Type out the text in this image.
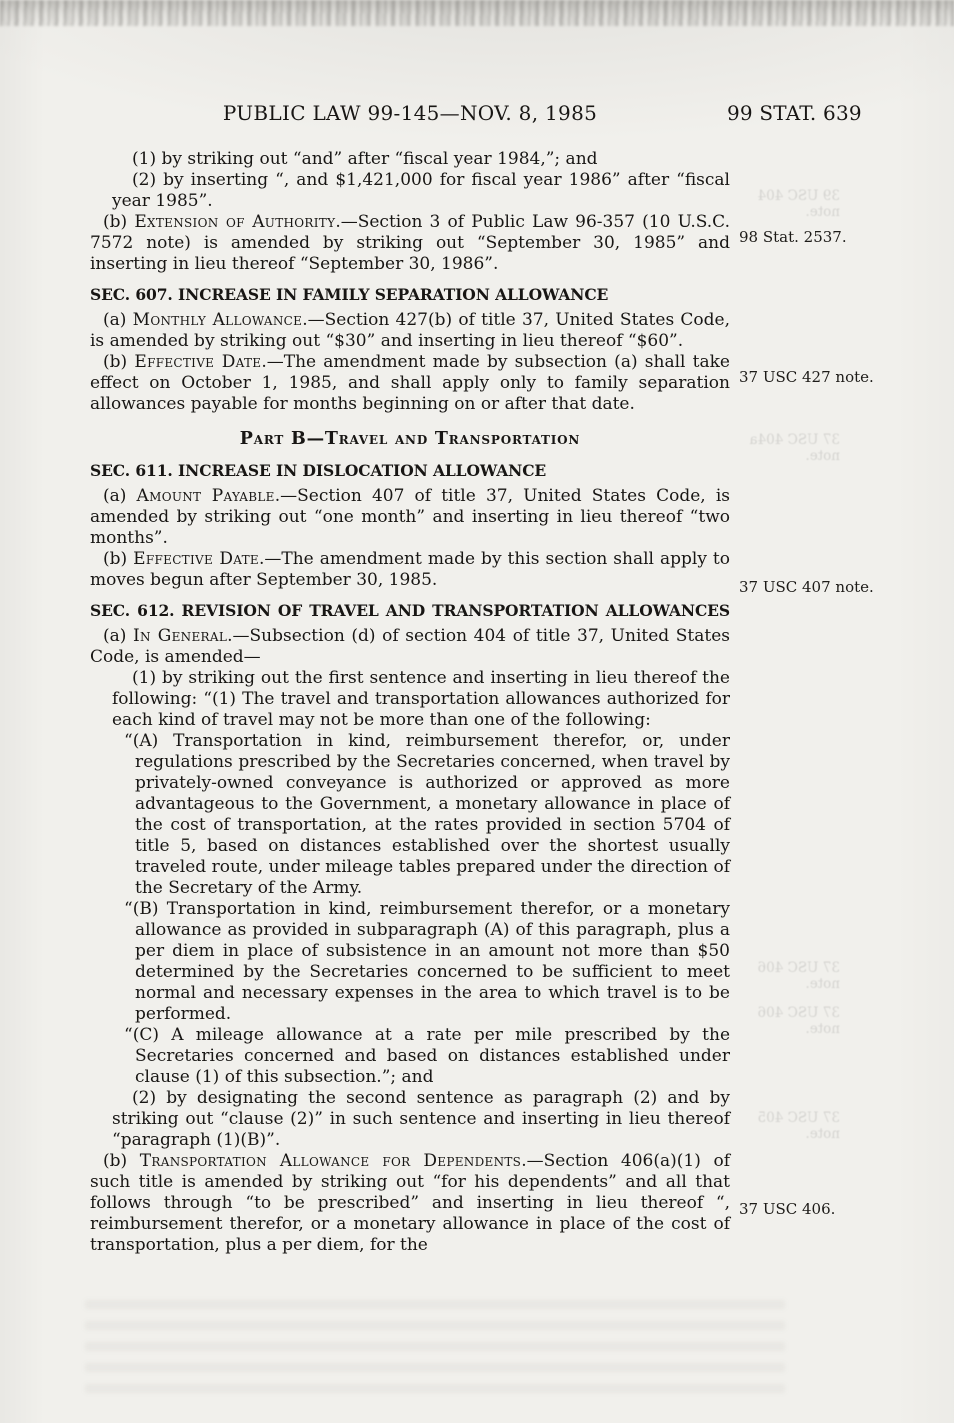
PUBLIC LAW 99-145—NOV. 8, 1985	99 STAT. 639

(1) by striking out “and” after “fiscal year 1984,”; and

(2) by inserting “, and $1,421,000 for fiscal year 1986” after “fiscal year 1985”.

(b) Extension of Authority.—Section 3 of Public Law 96-357 (10 U.S.C. 7572 note) is amended by striking out “September 30, 1985” and inserting in lieu thereof “September 30, 1986”.

SEC. 607. INCREASE IN FAMILY SEPARATION ALLOWANCE

(a) Monthly Allowance.—Section 427(b) of title 37, United States Code, is amended by striking out “$30” and inserting in lieu thereof “$60”.

(b) Effective Date.—The amendment made by subsection (a) shall take effect on October 1, 1985, and shall apply only to family separation allowances payable for months beginning on or after that date.

Part B—Travel and Transportation
SEC. 611. INCREASE IN DISLOCATION ALLOWANCE

(a) Amount Payable.—Section 407 of title 37, United States Code, is amended by striking out “one month” and inserting in lieu thereof “two months”.

(b) Effective Date.—The amendment made by this section shall apply to moves begun after September 30, 1985.

SEC. 612. REVISION OF TRAVEL AND TRANSPORTATION ALLOWANCES

(a) In General.—Subsection (d) of section 404 of title 37, United States Code, is amended—

(1) by striking out the first sentence and inserting in lieu thereof the following: “(1) The travel and transportation allowances authorized for each kind of travel may not be more than one of the following:

“(A) Transportation in kind, reimbursement therefor, or, under regulations prescribed by the Secretaries concerned, when travel by privately-owned conveyance is authorized or approved as more advantageous to the Government, a monetary allowance in place of the cost of transportation, at the rates provided in section 5704 of title 5, based on distances established over the shortest usually traveled route, under mileage tables prepared under the direction of the Secretary of the Army.

“(B) Transportation in kind, reimbursement therefor, or a monetary allowance as provided in subparagraph (A) of this paragraph, plus a per diem in place of subsistence in an amount not more than $50 determined by the Secretaries concerned to be sufficient to meet normal and necessary expenses in the area to which travel is to be performed.

“(C) A mileage allowance at a rate per mile prescribed by the Secretaries concerned and based on distances established under clause (1) of this subsection.”; and

(2) by designating the second sentence as paragraph (2) and by striking out “clause (2)” in such sentence and inserting in lieu thereof “paragraph (1)(B)”.

(b) Transportation Allowance for Dependents.—Section 406(a)(1) of such title is amended by striking out “for his dependents” and all that follows through “to be prescribed” and inserting in lieu thereof “, reimbursement therefor, or a monetary allowance in place of the cost of transportation, plus a per diem, for the

98 Stat. 2537.
37 USC 427 note.
37 USC 407 note.
37 USC 406.
39 USC 404 note.
37 USC 404a note.
37 USC 406 note.
37 USC 406 note.
37 USC 405 note.
